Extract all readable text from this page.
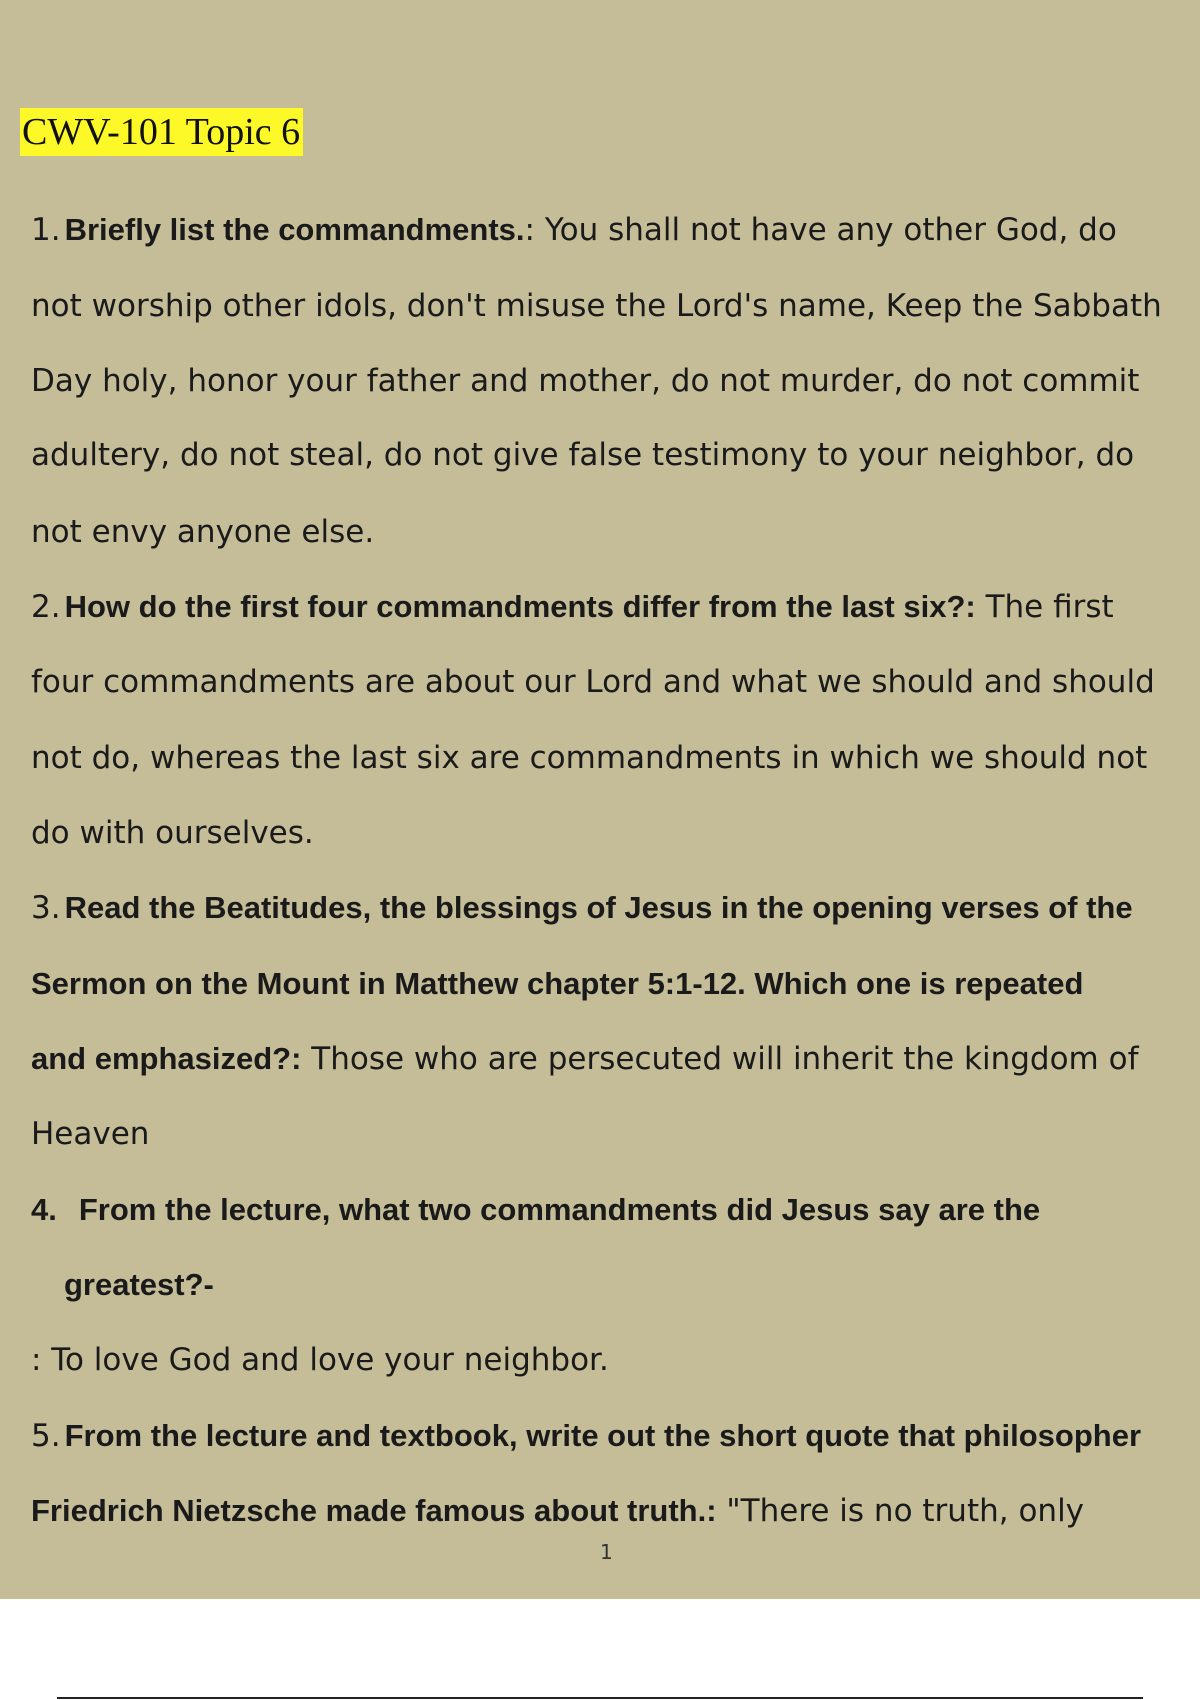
CWV-101 Topic 6
1. Briefly list the commandments.: You shall not have any other God, do
not worship other idols, don't misuse the Lord's name, Keep the Sabbath
Day holy, honor your father and mother, do not murder, do not commit
adultery, do not steal, do not give false testimony to your neighbor, do
not envy anyone else.
2. How do the first four commandments differ from the last six?: The first
four commandments are about our Lord and what we should and should
not do, whereas the last six are commandments in which we should not
do with ourselves.
3. Read the Beatitudes, the blessings of Jesus in the opening verses of the
Sermon on the Mount in Matthew chapter 5:1-12. Which one is repeated
and emphasized?: Those who are persecuted will inherit the kingdom of
Heaven
4. From the lecture, what two commandments did Jesus say are the
greatest?-
: To love God and love your neighbor.
5. From the lecture and textbook, write out the short quote that philosopher
Friedrich Nietzsche made famous about truth.: "There is no truth, only
1
